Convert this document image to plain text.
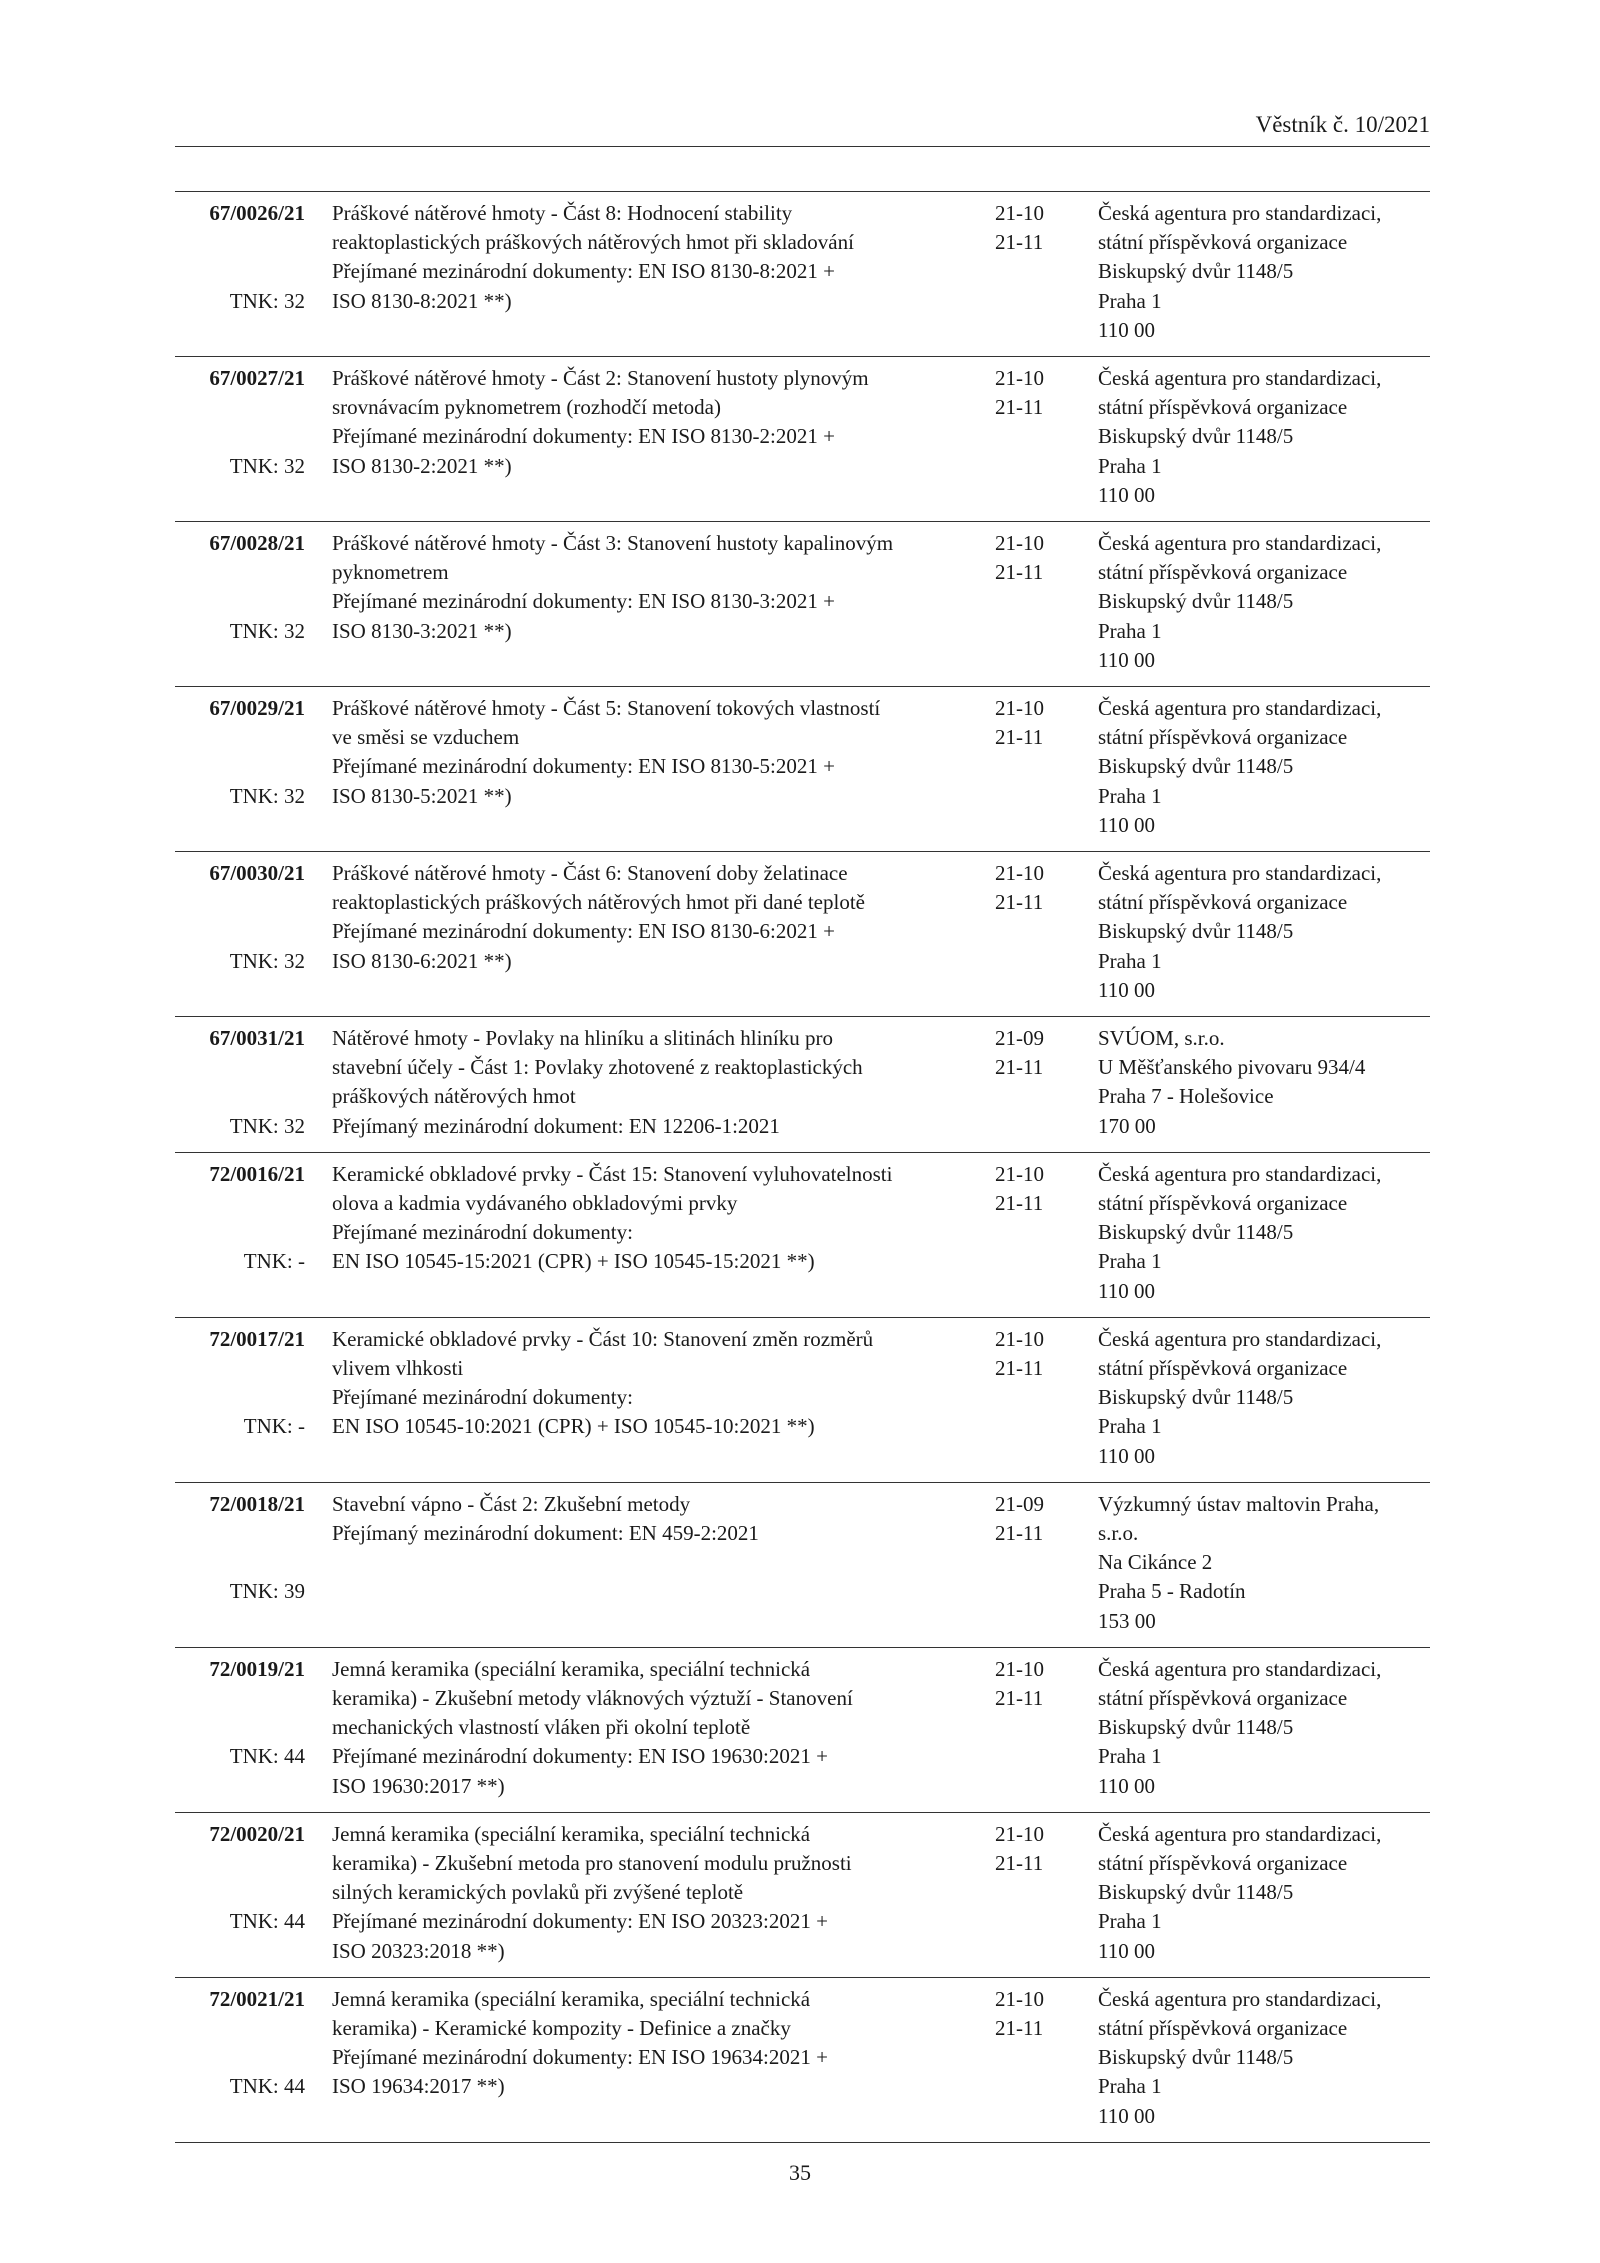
Věstník č. 10/2021
67/0026/21
TNK: 32
Práškové nátěrové hmoty - Část 8: Hodnocení stability
reaktoplastických práškových nátěrových hmot při skladování
Přejímané mezinárodní dokumenty: EN ISO 8130-8:2021 +
ISO 8130-8:2021 **)
21-10
21-11
Česká agentura pro standardizaci,
státní příspěvková organizace
Biskupský dvůr 1148/5
Praha 1
110 00
67/0027/21
TNK: 32
Práškové nátěrové hmoty - Část 2: Stanovení hustoty plynovým
srovnávacím pyknometrem (rozhodčí metoda)
Přejímané mezinárodní dokumenty: EN ISO 8130-2:2021 +
ISO 8130-2:2021 **)
21-10
21-11
Česká agentura pro standardizaci,
státní příspěvková organizace
Biskupský dvůr 1148/5
Praha 1
110 00
67/0028/21
TNK: 32
Práškové nátěrové hmoty - Část 3: Stanovení hustoty kapalinovým
pyknometrem
Přejímané mezinárodní dokumenty: EN ISO 8130-3:2021 +
ISO 8130-3:2021 **)
21-10
21-11
Česká agentura pro standardizaci,
státní příspěvková organizace
Biskupský dvůr 1148/5
Praha 1
110 00
67/0029/21
TNK: 32
Práškové nátěrové hmoty - Část 5: Stanovení tokových vlastností
ve směsi se vzduchem
Přejímané mezinárodní dokumenty: EN ISO 8130-5:2021 +
ISO 8130-5:2021 **)
21-10
21-11
Česká agentura pro standardizaci,
státní příspěvková organizace
Biskupský dvůr 1148/5
Praha 1
110 00
67/0030/21
TNK: 32
Práškové nátěrové hmoty - Část 6: Stanovení doby želatinace
reaktoplastických práškových nátěrových hmot při dané teplotě
Přejímané mezinárodní dokumenty: EN ISO 8130-6:2021 +
ISO 8130-6:2021 **)
21-10
21-11
Česká agentura pro standardizaci,
státní příspěvková organizace
Biskupský dvůr 1148/5
Praha 1
110 00
67/0031/21
TNK: 32
Nátěrové hmoty - Povlaky na hliníku a slitinách hliníku pro
stavební účely - Část 1: Povlaky zhotovené z reaktoplastických
práškových nátěrových hmot
Přejímaný mezinárodní dokument: EN 12206-1:2021
21-09
21-11
SVÚOM, s.r.o.
U Měšťanského pivovaru 934/4
Praha 7 - Holešovice
170 00
72/0016/21
TNK: -
Keramické obkladové prvky - Část 15: Stanovení vyluhovatelnosti
olova a kadmia vydávaného obkladovými prvky
Přejímané mezinárodní dokumenty:
EN ISO 10545-15:2021 (CPR) + ISO 10545-15:2021 **)
21-10
21-11
Česká agentura pro standardizaci,
státní příspěvková organizace
Biskupský dvůr 1148/5
Praha 1
110 00
72/0017/21
TNK: -
Keramické obkladové prvky - Část 10: Stanovení změn rozměrů
vlivem vlhkosti
Přejímané mezinárodní dokumenty:
EN ISO 10545-10:2021 (CPR) + ISO 10545-10:2021 **)
21-10
21-11
Česká agentura pro standardizaci,
státní příspěvková organizace
Biskupský dvůr 1148/5
Praha 1
110 00
72/0018/21
TNK: 39
Stavební vápno - Část 2: Zkušební metody
Přejímaný mezinárodní dokument: EN 459-2:2021
21-09
21-11
Výzkumný ústav maltovin Praha,
s.r.o.
Na Cikánce 2
Praha 5 - Radotín
153 00
72/0019/21
TNK: 44
Jemná keramika (speciální keramika, speciální technická
keramika) - Zkušební metody vláknových výztuží - Stanovení
mechanických vlastností vláken při okolní teplotě
Přejímané mezinárodní dokumenty: EN ISO 19630:2021 +
ISO 19630:2017 **)
21-10
21-11
Česká agentura pro standardizaci,
státní příspěvková organizace
Biskupský dvůr 1148/5
Praha 1
110 00
72/0020/21
TNK: 44
Jemná keramika (speciální keramika, speciální technická
keramika) - Zkušební metoda pro stanovení modulu pružnosti
silných keramických povlaků při zvýšené teplotě
Přejímané mezinárodní dokumenty: EN ISO 20323:2021 +
ISO 20323:2018 **)
21-10
21-11
Česká agentura pro standardizaci,
státní příspěvková organizace
Biskupský dvůr 1148/5
Praha 1
110 00
72/0021/21
TNK: 44
Jemná keramika (speciální keramika, speciální technická
keramika) - Keramické kompozity - Definice a značky
Přejímané mezinárodní dokumenty: EN ISO 19634:2021 +
ISO 19634:2017 **)
21-10
21-11
Česká agentura pro standardizaci,
státní příspěvková organizace
Biskupský dvůr 1148/5
Praha 1
110 00
35
